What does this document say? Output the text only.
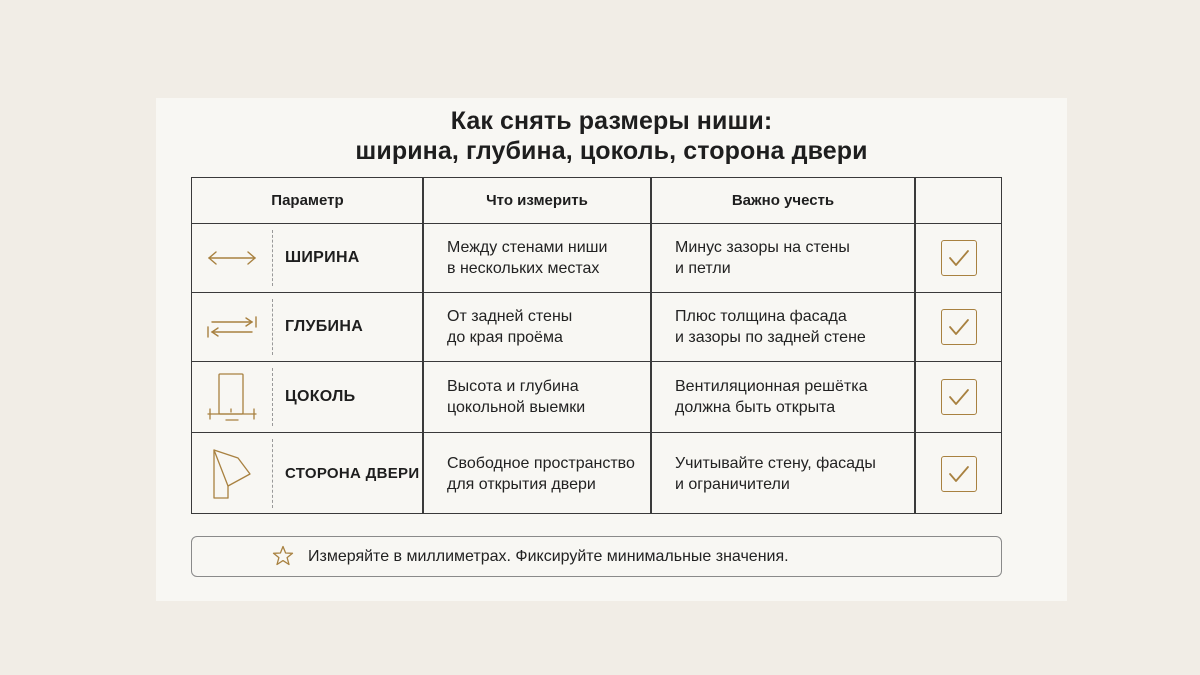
Как снять размеры ниши:
ширина, глубина, цоколь, сторона двери
Параметр	Что измерить	Важно учесть
ШИРИНА
Между стенами ниши
в нескольких местах
Минус зазоры на стены
и петли
ГЛУБИНА
От задней стены
до края проёма
Плюс толщина фасада
и зазоры по задней стене
ЦОКОЛЬ
Высота и глубина
цокольной выемки
Вентиляционная решётка
должна быть открыта
СТОРОНА ДВЕРИ
Свободное пространство
для открытия двери
Учитывайте стену, фасады
и ограничители
Измеряйте в миллиметрах. Фиксируйте минимальные значения.
